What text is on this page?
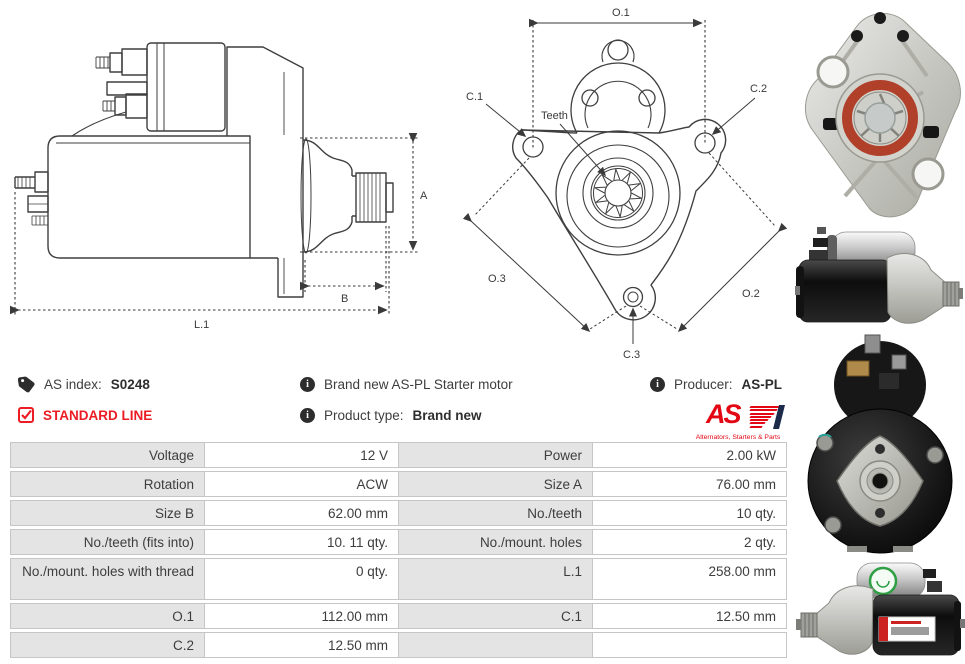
A
B
L.1
O.1
C.1
C.2
Teeth
C.3
O.3
O.2
AS index: S0248
STANDARD LINE
i	Brand new AS-PL Starter motor
i	Product type: Brand new
i	Producer: AS-PL
AS
Alternators, Starters & Parts
Voltage	12 V	Power	2.00 kW
Rotation	ACW	Size A	76.00 mm
Size B	62.00 mm	No./teeth	10 qty.
No./teeth (fits into)	10. 11 qty.	No./mount. holes	2 qty.
No./mount. holes with thread	0 qty.	L.1	258.00 mm
O.1	112.00 mm	C.1	12.50 mm
C.2	12.50 mm
